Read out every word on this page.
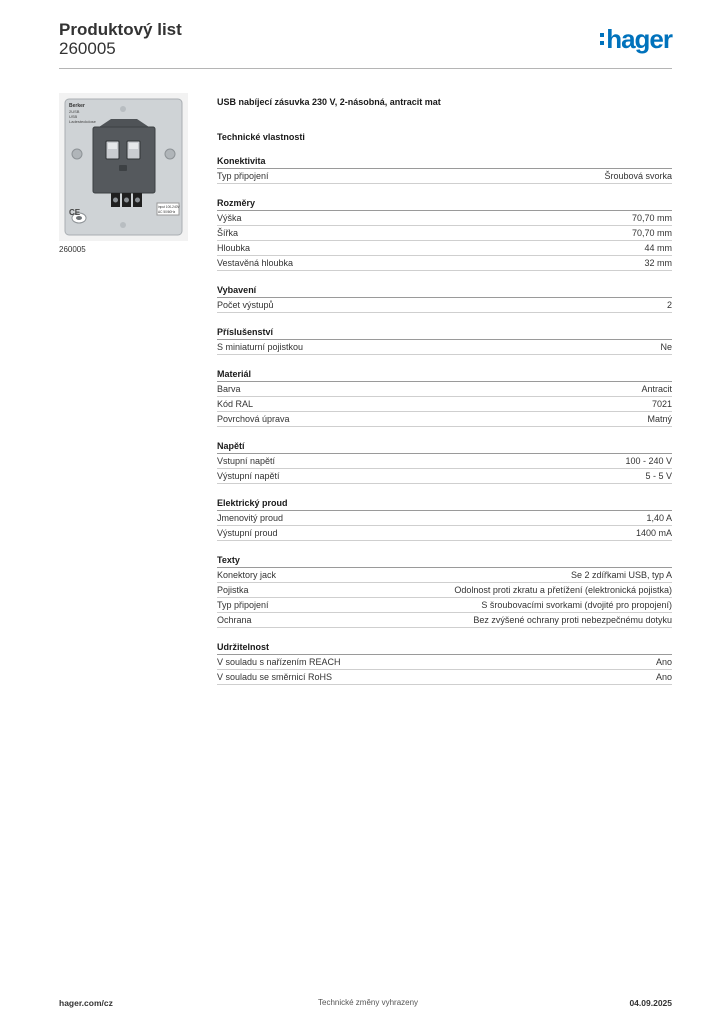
Produktový list
260005	hager
Berker
2USB
USB
Ladesteckdose
CE
input 100-240V
AC 50/60Hz
260005
USB nabíjecí zásuvka 230 V, 2-násobná, antracit mat
Technické vlastnosti
Konektivita
Typ připojení	Šroubová svorka
Rozměry
Výška	70,70 mm
Šířka	70,70 mm
Hloubka	44 mm
Vestavěná hloubka	32 mm
Vybavení
Počet výstupů	2
Příslušenství
S miniaturní pojistkou	Ne
Materiál
Barva	Antracit
Kód RAL	7021
Povrchová úprava	Matný
Napětí
Vstupní napětí	100 - 240 V
Výstupní napětí	5 - 5 V
Elektrický proud
Jmenovitý proud	1,40 A
Výstupní proud	1400 mA
Texty
Konektory jack	Se 2 zdířkami USB, typ A
Pojistka	Odolnost proti zkratu a přetížení (elektronická pojistka)
Typ připojení	S šroubovacími svorkami (dvojité pro propojení)
Ochrana	Bez zvýšené ochrany proti nebezpečnému dotyku
Udržitelnost
V souladu s nařízením REACH	Ano
V souladu se směrnicí RoHS	Ano
hager.com/cz	Technické změny vyhrazeny	04.09.2025
